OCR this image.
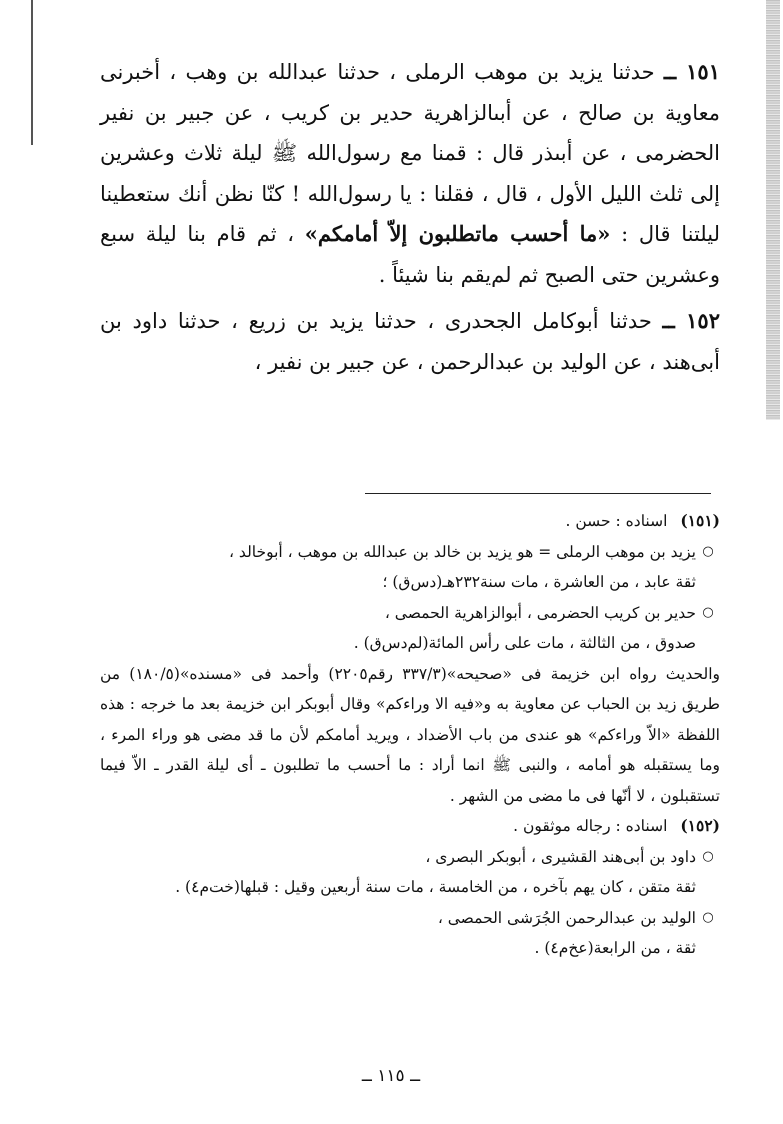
١٥١ ــ حدثنا يزيد بن موهب الرملى ، حدثنا عبدالله بن وهب ، أخبرنى معاوية بن صالح ، عن أبىالزاهرية حدير بن كريب ، عن جبير بن نفير الحضرمى ، عن أبىذر قال : قمنا مع رسول‌الله ﷺ ليلة ثلاث وعشرين إلى ثلث الليل الأول ، قال ، فقلنا : يا رسول‌الله ! كنّا نظن أنك ستعطينا ليلتنا قال : «ما أحسب ماتطلبون إلاّ أمامكم» ، ثم قام بنا ليلة سبع وعشرين حتى الصبح ثم لم‌يقم بنا شيئاً .

١٥٢ ــ حدثنا أبوكامل الجحدرى ، حدثنا يزيد بن زريع ، حدثنا داود بن أبى‌هند ، عن الوليد بن عبدالرحمن ، عن جبير بن نفير ،

(١٥١) اسناده : حسن .

○

يزيد بن موهب الرملى = هو يزيد بن خالد بن عبدالله بن موهب ، أبوخالد ،

ثقة عابد ، من العاشرة ، مات سنة٢٣٢هـ(دس‌ق) ؛

○

حدير بن كريب الحضرمى ، أبوالزاهرية الحمصى ،

صدوق ، من الثالثة ، مات على رأس المائة(لم‌دس‌ق) .

والحديث رواه ابن خزيمة فى «صحيحه»(٣٣٧/٣ رقم٢٢٠٥) وأحمد فى «مسنده»(١٨٠/٥) من طريق زيد بن الحباب عن معاوية به و«فيه الا وراءكم» وقال أبوبكر ابن خزيمة بعد ما خرجه : هذه اللفظة «الاّ وراءكم» هو عندى من باب الأضداد ، ويريد أمامكم لأن ما قد مضى هو وراء المرء ، وما يستقبله هو أمامه ، والنبى ﷺ انما أراد : ما أحسب ما تطلبون ـ أى ليلة القدر ـ الاّ فيما تستقبلون ، لا أنّها فى ما مضى من الشهر .

(١٥٢) اسناده : رجاله موثقون .

○

داود بن أبى‌هند القشيرى ، أبوبكر البصرى ،

ثقة متقن ، كان يهم بآخره ، من الخامسة ، مات سنة أربعين وقيل : قبلها(خت‌م‌٤) .

○

الوليد بن عبدالرحمن الجُرَشى الحمصى ،

ثقة ، من الرابعة(عخ‌م‌٤) .

ــ ١١٥ ــ
